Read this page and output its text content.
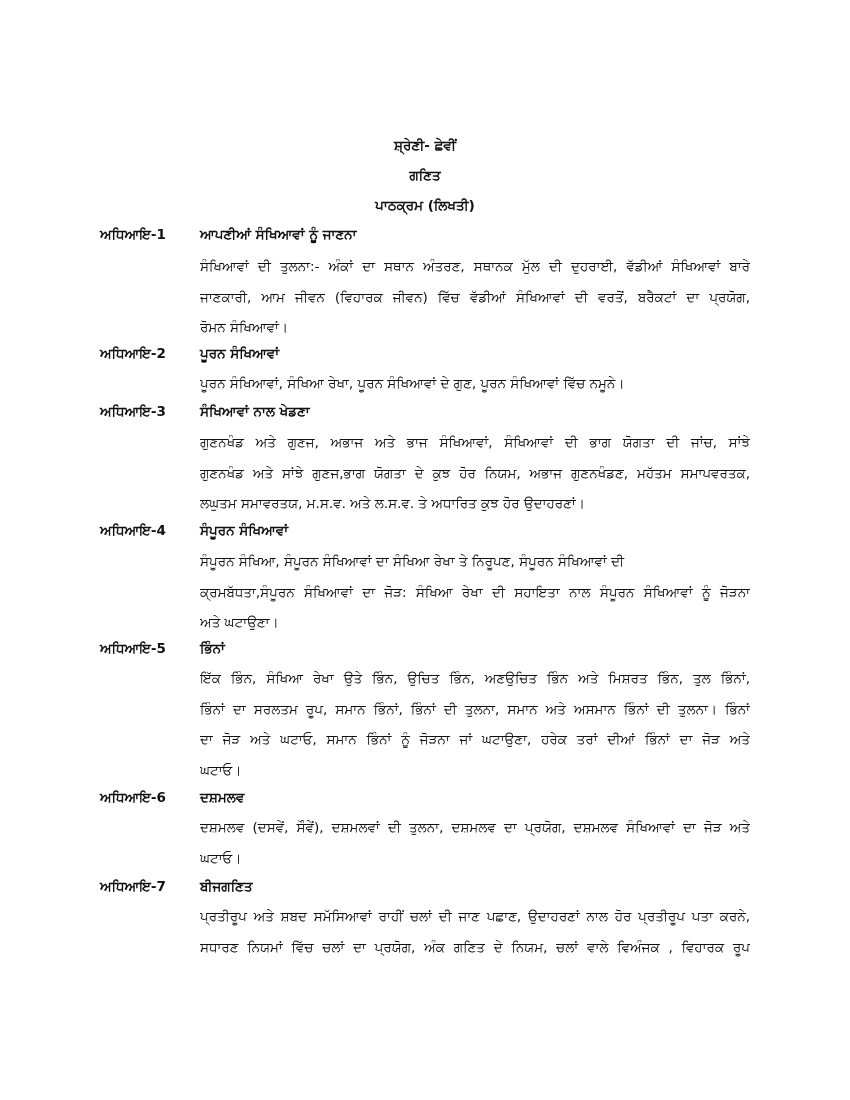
ਸ਼੍ਰੇਣੀ- ਛੇਵੀਂ
ਗਣਿਤ
ਪਾਠਕ੍ਰਮ (ਲਿਖਤੀ)
ਅਧਿਆਇ-1	ਆਪਣੀਆਂ ਸੰਖਿਆਵਾਂ ਨੂੰ ਜਾਣਨਾ
ਸੰਖਿਆਵਾਂ ਦੀ ਤੁਲਨਾ:- ਅੰਕਾਂ ਦਾ ਸਥਾਨ ਅੰਤਰਣ, ਸਥਾਨਕ ਮੁੱਲ ਦੀ ਦੁਹਰਾਈ, ਵੱਡੀਆਂ ਸੰਖਿਆਵਾਂ ਬਾਰੇ
ਜਾਣਕਾਰੀ, ਆਮ ਜੀਵਨ (ਵਿਹਾਰਕ ਜੀਵਨ) ਵਿੱਚ ਵੱਡੀਆਂ ਸੰਖਿਆਵਾਂ ਦੀ ਵਰਤੋਂ, ਬਰੈਕਟਾਂ ਦਾ ਪ੍ਰਯੋਗ,
ਰੋਮਨ ਸੰਖਿਆਵਾਂ।
ਅਧਿਆਇ-2	ਪੂਰਨ ਸੰਖਿਆਵਾਂ
ਪੂਰਨ ਸੰਖਿਆਵਾਂ, ਸੰਖਿਆ ਰੇਖਾ, ਪੂਰਨ ਸੰਖਿਆਵਾਂ ਦੇ ਗੁਣ, ਪੂਰਨ ਸੰਖਿਆਵਾਂ ਵਿੱਚ ਨਮੂਨੇ।
ਅਧਿਆਇ-3	ਸੰਖਿਆਵਾਂ ਨਾਲ ਖੇਡਣਾ
ਗੁਣਨਖੰਡ ਅਤੇ ਗੁਣਜ, ਅਭਾਜ ਅਤੇ ਭਾਜ ਸੰਖਿਆਵਾਂ, ਸੰਖਿਆਵਾਂ ਦੀ ਭਾਗ ਯੋਗਤਾ ਦੀ ਜਾਂਚ, ਸਾਂਝੇ
ਗੁਣਨਖੰਡ ਅਤੇ ਸਾਂਝੇ ਗੁਣਜ,ਭਾਗ ਯੋਗਤਾ ਦੇ ਕੁਝ ਹੋਰ ਨਿਯਮ, ਅਭਾਜ ਗੁਣਨਖੰਡਣ, ਮਹੱਤਮ ਸਮਾਪਵਰਤਕ,
ਲਘੁਤਮ ਸਮਾਵਰਤਯ, ਮ.ਸ.ਵ. ਅਤੇ ਲ.ਸ.ਵ. ਤੇ ਅਧਾਰਿਤ ਕੁਝ ਹੋਰ ਉਦਾਹਰਣਾਂ।
ਅਧਿਆਇ-4	ਸੰਪੂਰਨ ਸੰਖਿਆਵਾਂ
ਸੰਪੂਰਨ ਸੰਖਿਆ, ਸੰਪੂਰਨ ਸੰਖਿਆਵਾਂ ਦਾ ਸੰਖਿਆ ਰੇਖਾ ਤੇ ਨਿਰੂਪਣ, ਸੰਪੂਰਨ ਸੰਖਿਆਵਾਂ ਦੀ
ਕ੍ਰਮਬੱਧਤਾ,ਸੰਪੂਰਨ ਸੰਖਿਆਵਾਂ ਦਾ ਜੋੜ: ਸੰਖਿਆ ਰੇਖਾ ਦੀ ਸਹਾਇਤਾ ਨਾਲ ਸੰਪੂਰਨ ਸੰਖਿਆਵਾਂ ਨੂੰ ਜੋੜਨਾ
ਅਤੇ ਘਟਾਉਣਾ।
ਅਧਿਆਇ-5	ਭਿੰਨਾਂ
ਇੱਕ ਭਿੰਨ, ਸੰਖਿਆ ਰੇਖਾ ਉਤੇ ਭਿੰਨ, ਉਚਿਤ ਭਿੰਨ, ਅਣਉਚਿਤ ਭਿੰਨ ਅਤੇ ਮਿਸ਼ਰਤ ਭਿੰਨ, ਤੁਲ ਭਿੰਨਾਂ,
ਭਿੰਨਾਂ ਦਾ ਸਰਲਤਮ ਰੂਪ, ਸਮਾਨ ਭਿੰਨਾਂ, ਭਿੰਨਾਂ ਦੀ ਤੁਲਨਾ, ਸਮਾਨ ਅਤੇ ਅਸਮਾਨ ਭਿੰਨਾਂ ਦੀ ਤੁਲਨਾ। ਭਿੰਨਾਂ
ਦਾ ਜੋੜ ਅਤੇ ਘਟਾਓ, ਸਮਾਨ ਭਿੰਨਾਂ ਨੂੰ ਜੋੜਨਾ ਜਾਂ ਘਟਾਉਣਾ, ਹਰੇਕ ਤਰਾਂ ਦੀਆਂ ਭਿੰਨਾਂ ਦਾ ਜੋੜ ਅਤੇ
ਘਟਾਓ।
ਅਧਿਆਇ-6	ਦਸ਼ਮਲਵ
ਦਸ਼ਮਲਵ (ਦਸਵੇਂ, ਸੌਵੇਂ), ਦਸ਼ਮਲਵਾਂ ਦੀ ਤੁਲਨਾ, ਦਸ਼ਮਲਵ ਦਾ ਪ੍ਰਯੋਗ, ਦਸ਼ਮਲਵ ਸੰਖਿਆਵਾਂ ਦਾ ਜੋੜ ਅਤੇ
ਘਟਾਓ।
ਅਧਿਆਇ-7	ਬੀਜਗਣਿਤ
ਪ੍ਰਤੀਰੂਪ ਅਤੇ ਸ਼ਬਦ ਸਮੱਸਿਆਵਾਂ ਰਾਹੀਂ ਚਲਾਂ ਦੀ ਜਾਣ ਪਛਾਣ, ਉਦਾਹਰਣਾਂ ਨਾਲ ਹੋਰ ਪ੍ਰਤੀਰੂਪ ਪਤਾ ਕਰਨੇ,
ਸਧਾਰਣ ਨਿਯਮਾਂ ਵਿੱਚ ਚਲਾਂ ਦਾ ਪ੍ਰਯੋਗ, ਅੰਕ ਗਣਿਤ ਦੇ ਨਿਯਮ, ਚਲਾਂ ਵਾਲੇ ਵਿਅੰਜਕ , ਵਿਹਾਰਕ ਰੂਪ
